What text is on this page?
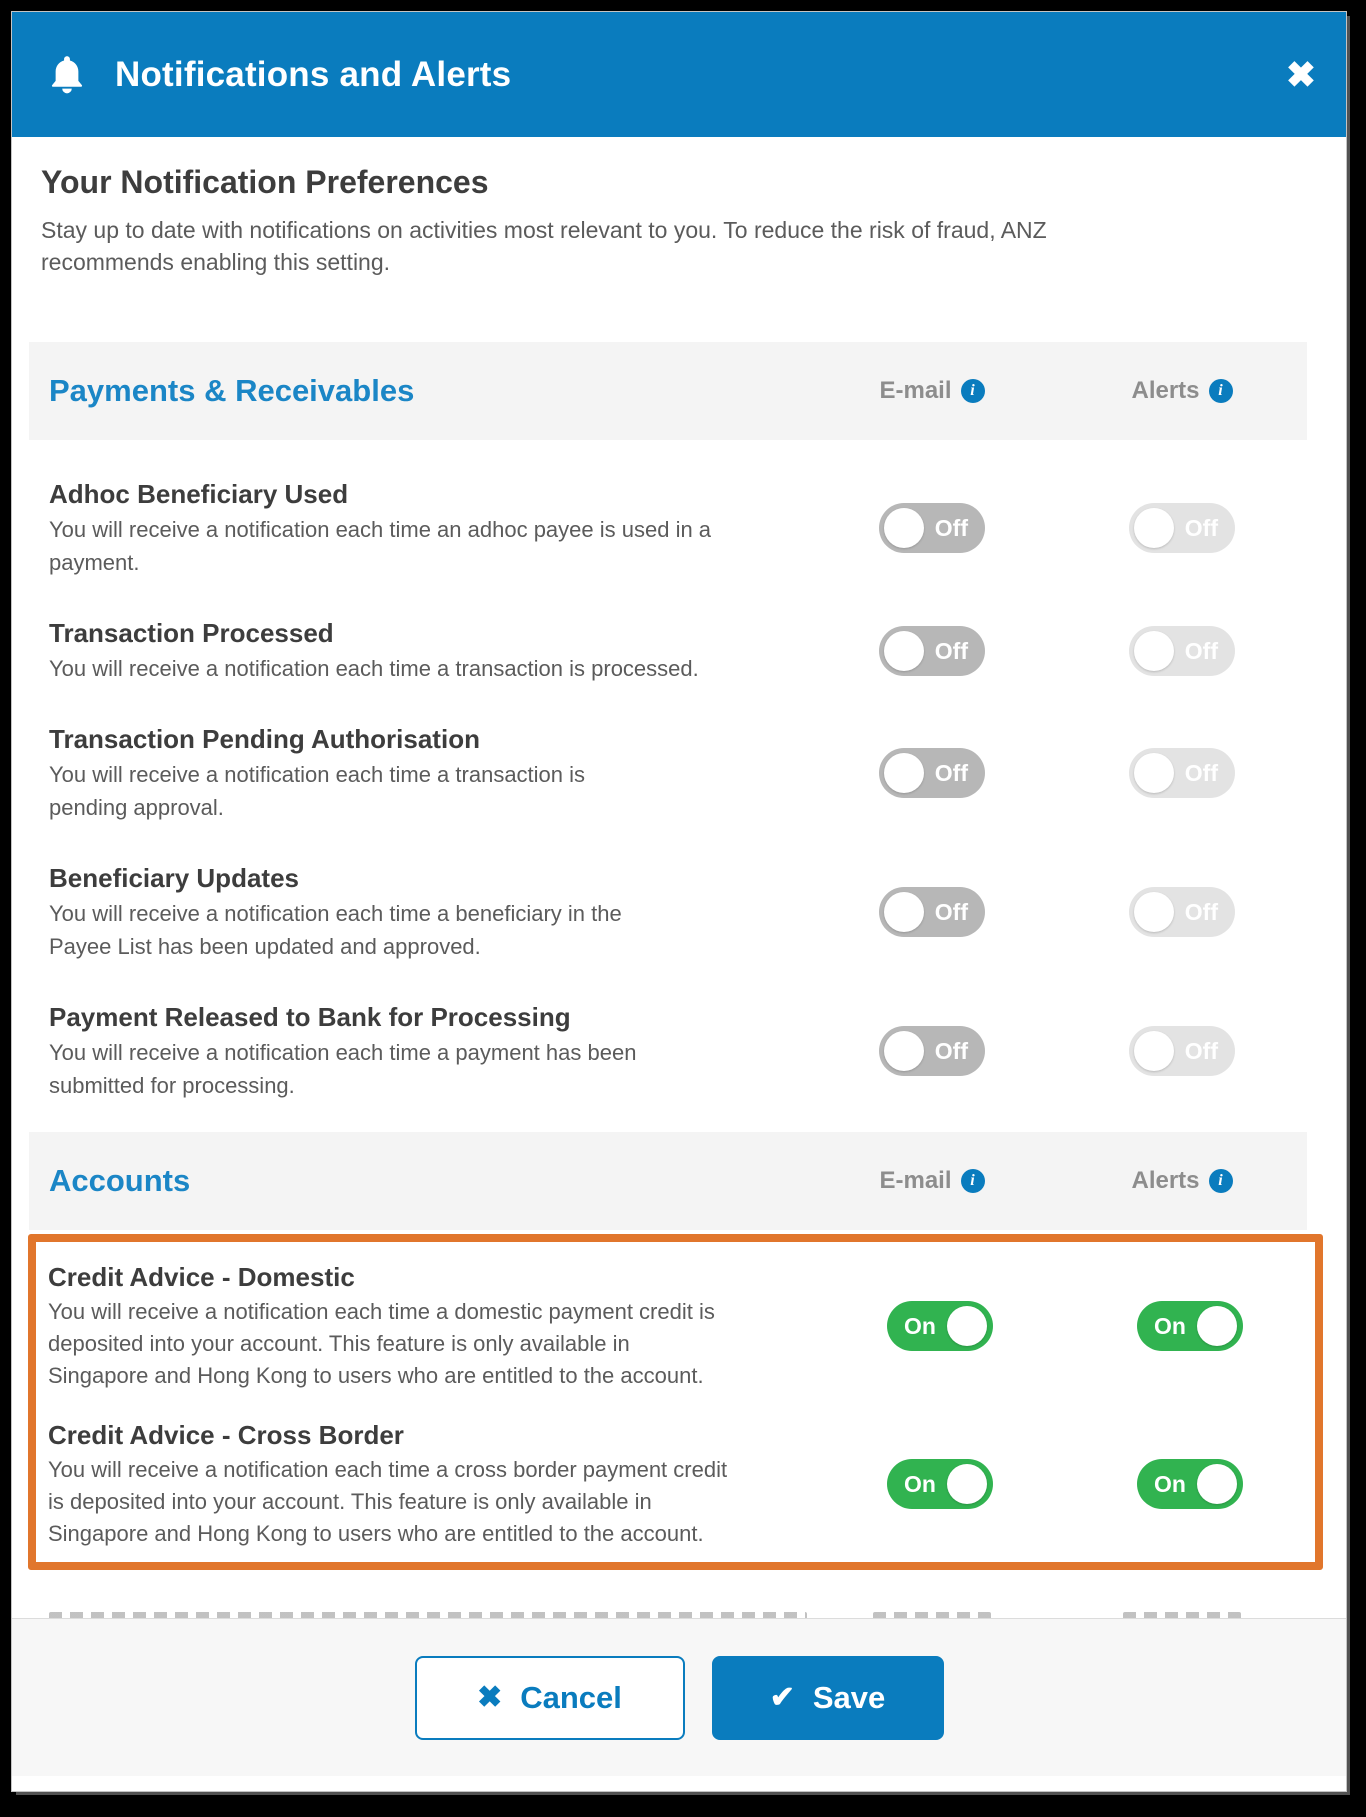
Notifications and Alerts	✖
Your Notification Preferences
Stay up to date with notifications on activities most relevant to you. To reduce the risk of fraud, ANZ recommends enabling this setting.
Payments & Receivables	E-mail	i	Alerts	i
Adhoc Beneficiary Used
You will receive a notification each time an adhoc payee is used in a payment.
Off	Off
Transaction Processed
You will receive a notification each time a transaction is processed.
Off	Off
Transaction Pending Authorisation
You will receive a notification each time a transaction is pending approval.
Off	Off
Beneficiary Updates
You will receive a notification each time a beneficiary in the Payee List has been updated and approved.
Off	Off
Payment Released to Bank for Processing
You will receive a notification each time a payment has been submitted for processing.
Off	Off
Accounts	E-mail	i	Alerts	i
Credit Advice - Domestic
You will receive a notification each time a domestic payment credit is deposited into your account. This feature is only available in Singapore and Hong Kong to users who are entitled to the account.
On	On
Credit Advice - Cross Border
You will receive a notification each time a cross border payment credit is deposited into your account. This feature is only available in Singapore and Hong Kong to users who are entitled to the account.
On	On
✖ Cancel	✔ Save
